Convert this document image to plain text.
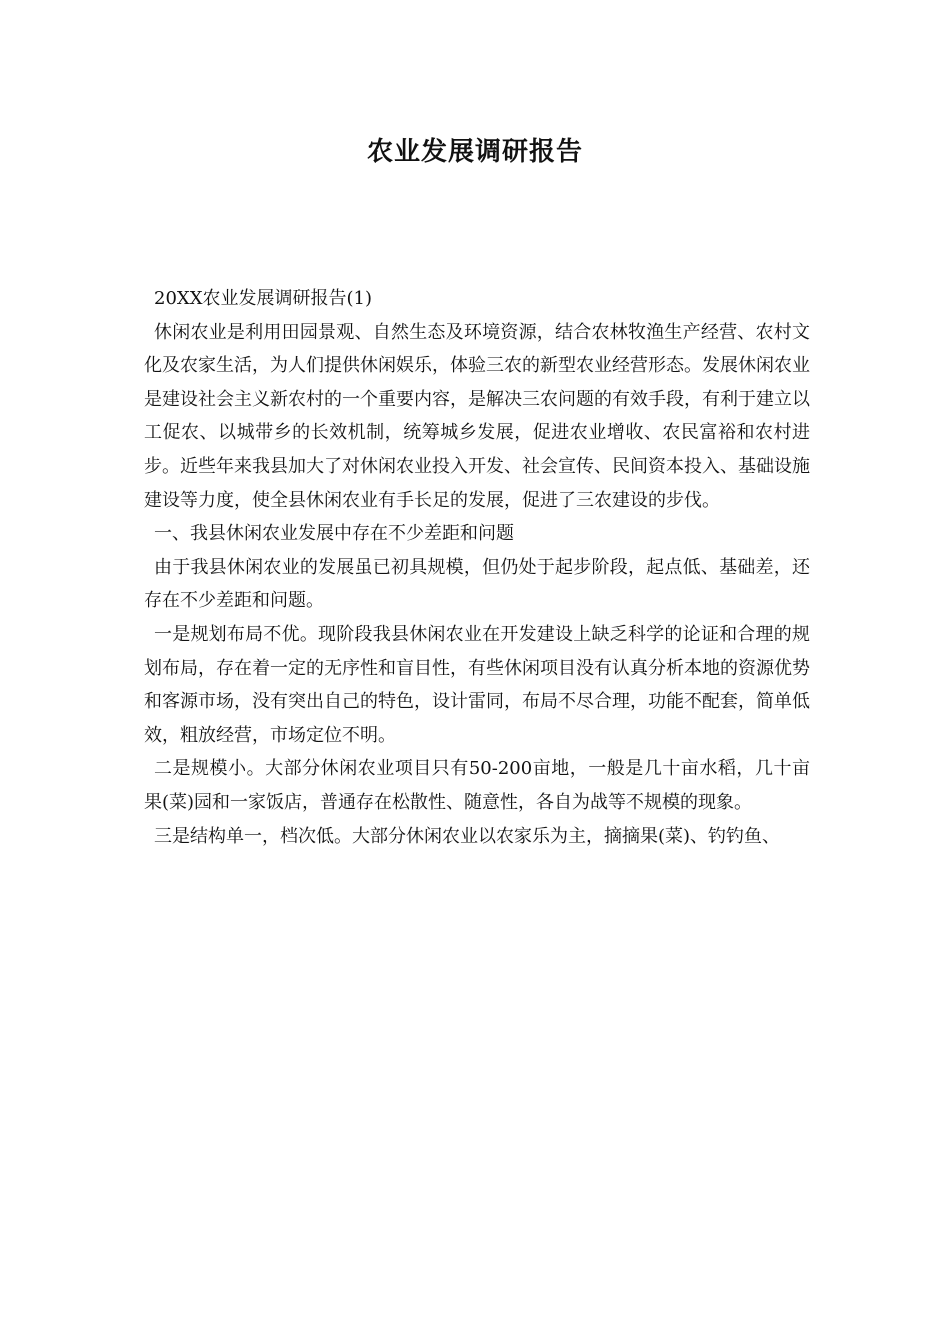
农业发展调研报告

20XX农业发展调研报告(1)

休闲农业是利用田园景观、自然生态及环境资源，结合农林牧渔生产经营、农村文化及农家生活，为人们提供休闲娱乐，体验三农的新型农业经营形态。发展休闲农业是建设社会主义新农村的一个重要内容，是解决三农问题的有效手段，有利于建立以工促农、以城带乡的长效机制，统筹城乡发展，促进农业增收、农民富裕和农村进步。近些年来我县加大了对休闲农业投入开发、社会宣传、民间资本投入、基础设施建设等力度，使全县休闲农业有手长足的发展，促进了三农建设的步伐。

一、我县休闲农业发展中存在不少差距和问题

由于我县休闲农业的发展虽已初具规模，但仍处于起步阶段，起点低、基础差，还存在不少差距和问题。

一是规划布局不优。现阶段我县休闲农业在开发建设上缺乏科学的论证和合理的规划布局，存在着一定的无序性和盲目性，有些休闲项目没有认真分析本地的资源优势和客源市场，没有突出自己的特色，设计雷同，布局不尽合理，功能不配套，简单低效，粗放经营，市场定位不明。

二是规模小。大部分休闲农业项目只有50-200亩地，一般是几十亩水稻，几十亩果(菜)园和一家饭店，普通存在松散性、随意性，各自为战等不规模的现象。

三是结构单一，档次低。大部分休闲农业以农家乐为主，摘摘果(菜)、钓钓鱼、
